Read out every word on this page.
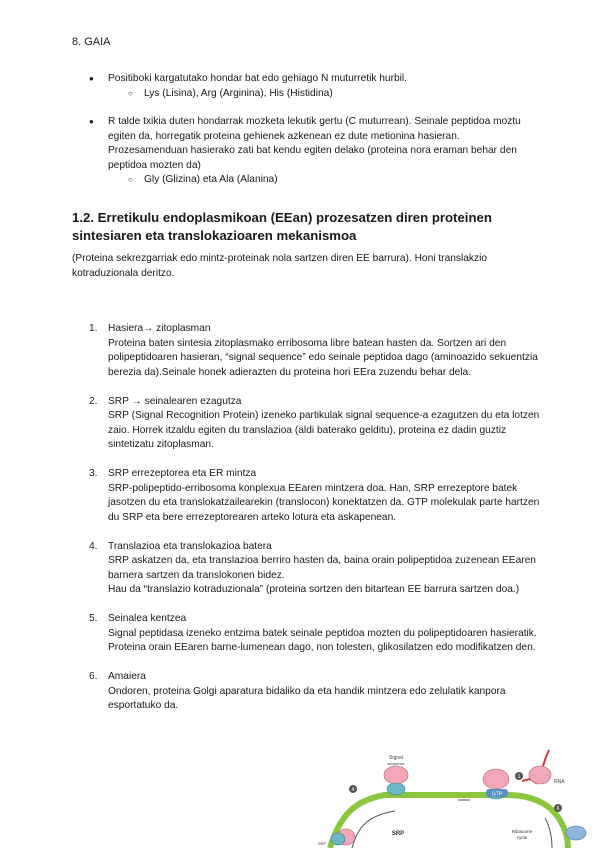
8. GAIA
● Positiboki kargatutako hondar bat edo gehiago N muturretik hurbil.
○ Lys (Lisina), Arg (Arginina), His (Histidina)
● R talde txikia duten hondarrak mozketa lekutik gertu (C muturrean). Seinale peptidoa moztu egiten da, horregatik proteina gehienek azkenean ez dute metionina hasieran. Prozesamenduan hasierako zati bat kendu egiten delako (proteina nora eraman behar den peptidoa mozten da)
○ Gly (Glizina) eta Ala (Alanina)
1.2. Erretikulu endoplasmikoan (EEan) prozesatzen diren proteinen sintesiaren eta translokazioaren mekanismoa
(Proteina sekrezgarriak edo mintz-proteinak nola sartzen diren EE barrura). Honi translakzio kotraduzionala deritzo.
1. Hasiera→ zitoplasman
Proteina baten sintesia zitoplasmako erribosoma libre batean hasten da. Sortzen ari den polipeptidoaren hasieran, “signal sequence” edo seinale peptidoa dago (aminoazido sekuentzia berezia da).Seinale honek adierazten du proteina hori EEra zuzendu behar dela.
2. SRP → seinalearen ezagutza
SRP (Signal Recognition Protein) izeneko partikulak signal sequence-a ezagutzen du eta lotzen zaio. Horrek itzaldu egiten du translazioa (aldi baterako gelditu), proteina ez dadin guztiz sintetizatu zitoplasman.
3. SRP errezeptorea eta ER mintza
SRP-polipeptido-erribosoma konplexua EEaren mintzera doa. Han, SRP errezeptore batek jasotzen du eta translokatzailearekin (translocon) konektatzen da. GTP molekulak parte hartzen du SRP eta bere errezeptorearen arteko lotura eta askapenean.
4. Translazioa eta translokazioa batera
SRP askatzen da, eta translazioa berriro hasten da, baina orain polipeptidoa zuzenean EEaren barnera sartzen da translokonen bidez.
Hau da “translazio kotraduzionala” (proteina sortzen den bitartean EE barrura sartzen doa.)
5. Seinalea kentzea
Signal peptidasa izeneko entzima batek seinale peptidoa mozten du polipeptidoaren hasieratik. Proteina orain EEaren barne-lumenean dago, non tolesten, glikosilatzen edo modifikatzen den.
6. Amaiera
Ondoren, proteina Golgi aparatura bidaliko da eta handik mintzera edo zelulatik kanpora esportatuko da.
GTP
1
4
6
Signal
sequence
RNA
SRP
SRP
Ribosome
cycle
